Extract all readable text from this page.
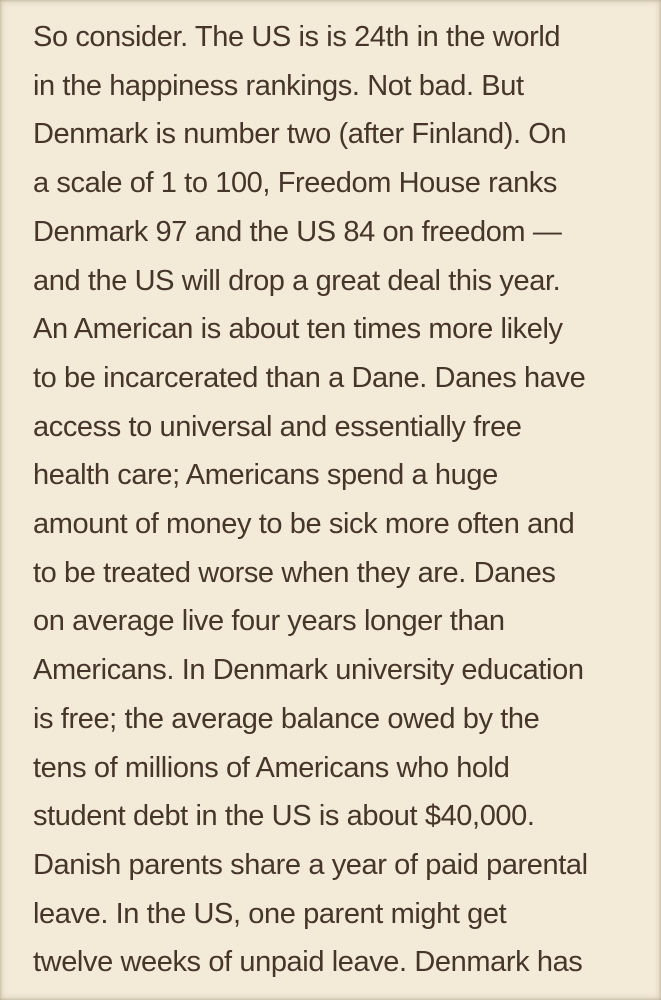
So consider. The US is is 24th in the world
in the happiness rankings. Not bad. But
Denmark is number two (after Finland). On
a scale of 1 to 100, Freedom House ranks
Denmark 97 and the US 84 on freedom —
and the US will drop a great deal this year.
An American is about ten times more likely
to be incarcerated than a Dane. Danes have
access to universal and essentially free
health care; Americans spend a huge
amount of money to be sick more often and
to be treated worse when they are. Danes
on average live four years longer than
Americans. In Denmark university education
is free; the average balance owed by the
tens of millions of Americans who hold
student debt in the US is about $40,000.
Danish parents share a year of paid parental
leave. In the US, one parent might get
twelve weeks of unpaid leave. Denmark has
